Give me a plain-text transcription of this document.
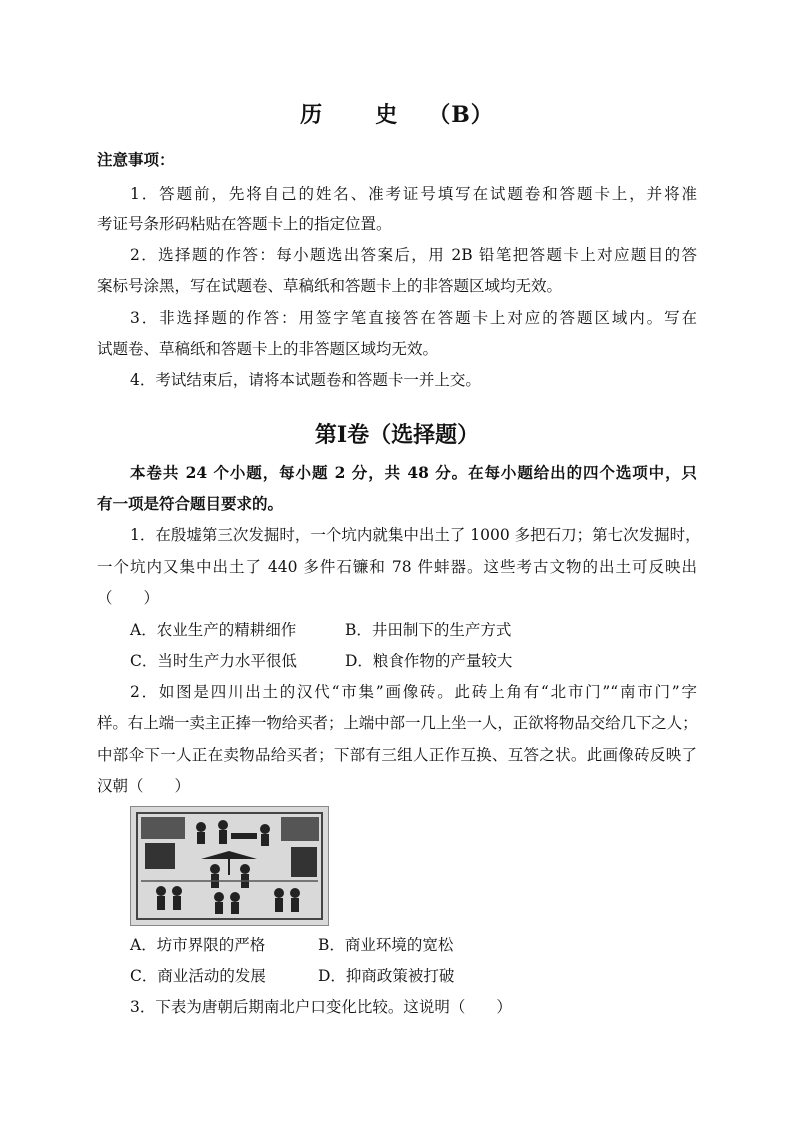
历 史 （B）
注意事项：
1．答题前，先将自己的姓名、准考证号填写在试题卷和答题卡上，并将准
考证号条形码粘贴在答题卡上的指定位置。
2．选择题的作答：每小题选出答案后，用 2B 铅笔把答题卡上对应题目的答
案标号涂黑，写在试题卷、草稿纸和答题卡上的非答题区域均无效。
3．非选择题的作答：用签字笔直接答在答题卡上对应的答题区域内。写在
试题卷、草稿纸和答题卡上的非答题区域均无效。
4．考试结束后，请将本试题卷和答题卡一并上交。
第Ⅰ卷（选择题）
本卷共 24 个小题，每小题 2 分，共 48 分。在每小题给出的四个选项中，只
有一项是符合题目要求的。
1．在殷墟第三次发掘时，一个坑内就集中出土了 1000 多把石刀；第七次发掘时，
一个坑内又集中出土了 440 多件石镰和 78 件蚌器。这些考古文物的出土可反映出
（　　）
A．农业生产的精耕细作	B．井田制下的生产方式
C．当时生产力水平很低	D．粮食作物的产量较大
2．如图是四川出土的汉代“市集”画像砖。此砖上角有“北市门”“南市门”字
样。右上端一卖主正捧一物给买者；上端中部一几上坐一人，正欲将物品交给几下之人；
中部伞下一人正在卖物品给买者；下部有三组人正作互换、互答之状。此画像砖反映了
汉朝（　　）
A．坊市界限的严格	B．商业环境的宽松
C．商业活动的发展	D．抑商政策被打破
3．下表为唐朝后期南北户口变化比较。这说明（　　）
